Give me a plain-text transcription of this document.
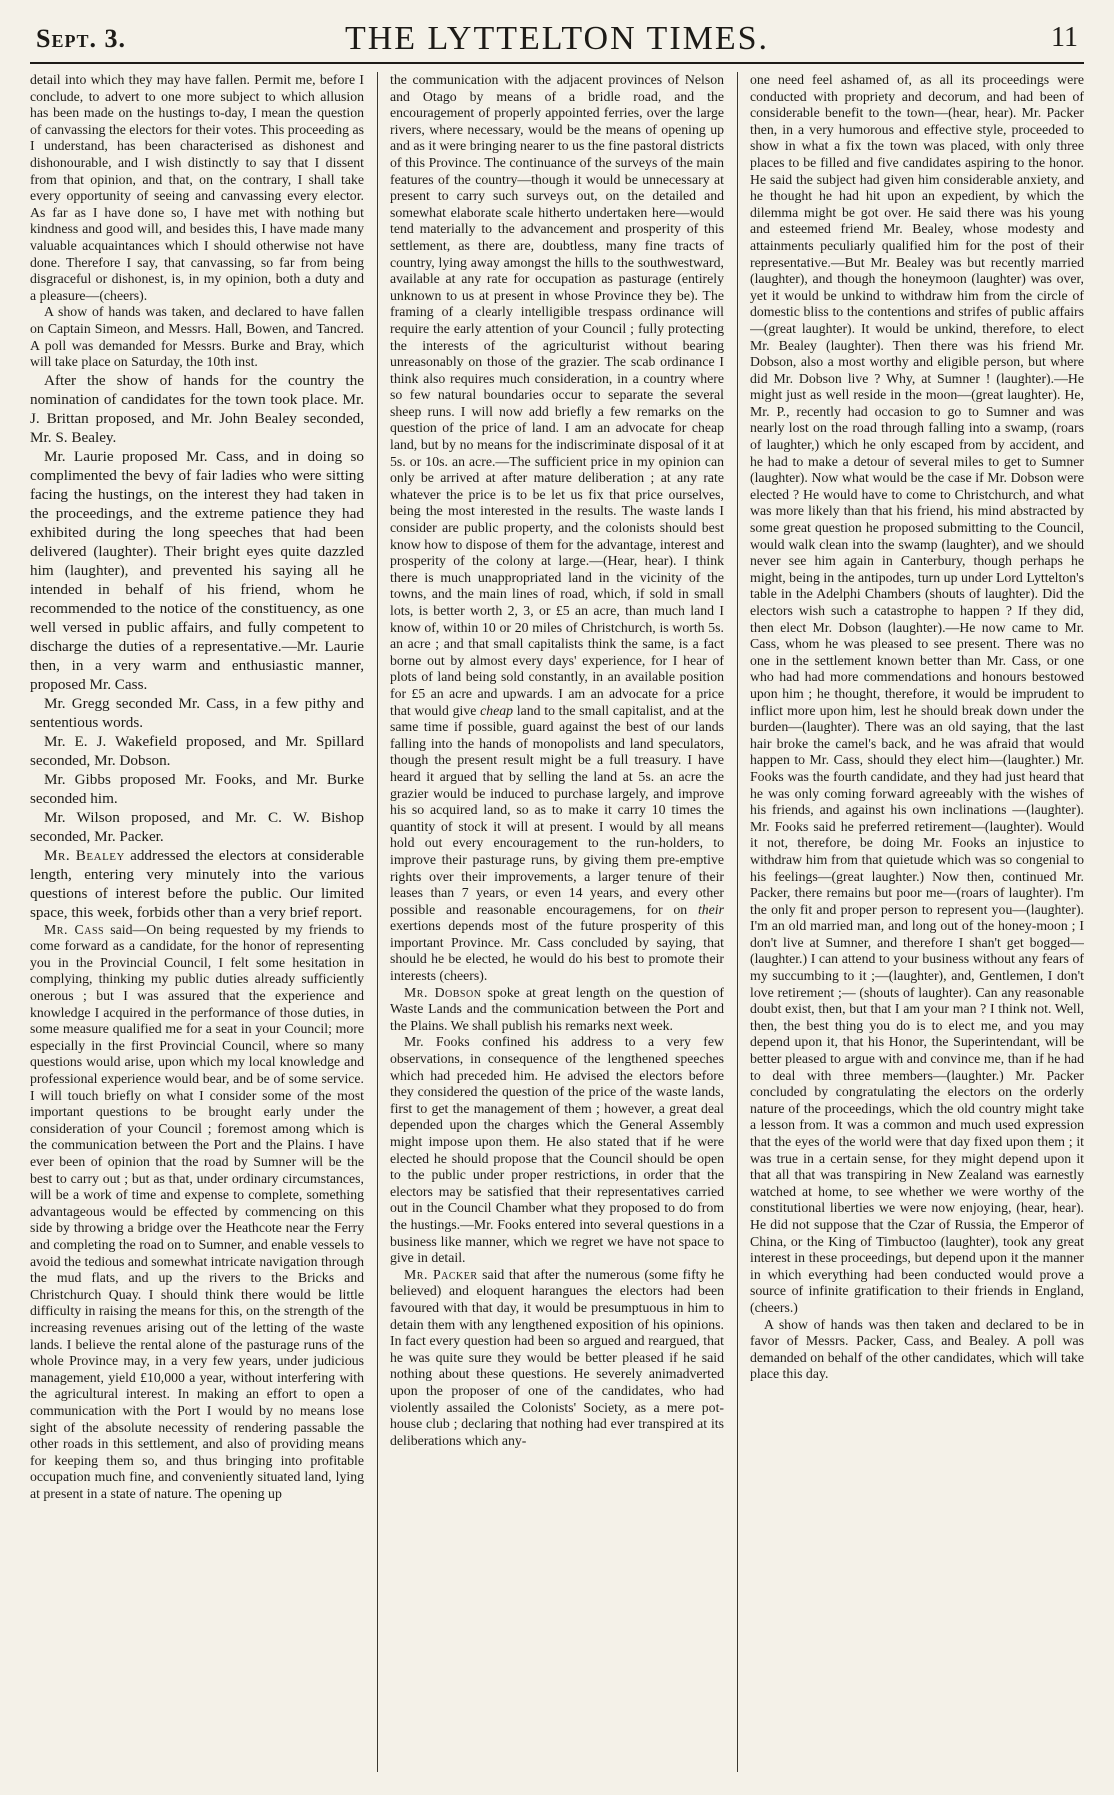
Sept. 3.	THE LYTTELTON TIMES.	11

detail into which they may have fallen. Permit me, before I conclude, to advert to one more subject to which allusion has been made on the hustings to-day, I mean the question of canvassing the electors for their votes. This proceeding as I understand, has been characterised as dishonest and dishonourable, and I wish distinctly to say that I dissent from that opinion, and that, on the contrary, I shall take every opportunity of seeing and canvassing every elector. As far as I have done so, I have met with nothing but kindness and good will, and besides this, I have made many valuable acquaintances which I should otherwise not have done. Therefore I say, that canvassing, so far from being disgraceful or dishonest, is, in my opinion, both a duty and a pleasure—(cheers).

A show of hands was taken, and declared to have fallen on Captain Simeon, and Messrs. Hall, Bowen, and Tancred. A poll was demanded for Messrs. Burke and Bray, which will take place on Saturday, the 10th inst.

After the show of hands for the country the nomination of candidates for the town took place. Mr. J. Brittan proposed, and Mr. John Bealey seconded, Mr. S. Bealey.

Mr. Laurie proposed Mr. Cass, and in doing so complimented the bevy of fair ladies who were sitting facing the hustings, on the interest they had taken in the proceedings, and the extreme patience they had exhibited during the long speeches that had been delivered (laughter). Their bright eyes quite dazzled him (laughter), and prevented his saying all he intended in behalf of his friend, whom he recommended to the notice of the constituency, as one well versed in public affairs, and fully competent to discharge the duties of a representative.—Mr. Laurie then, in a very warm and enthusiastic manner, proposed Mr. Cass.

Mr. Gregg seconded Mr. Cass, in a few pithy and sententious words.

Mr. E. J. Wakefield proposed, and Mr. Spillard seconded, Mr. Dobson.

Mr. Gibbs proposed Mr. Fooks, and Mr. Burke seconded him.

Mr. Wilson proposed, and Mr. C. W. Bishop seconded, Mr. Packer.

Mr. Bealey addressed the electors at considerable length, entering very minutely into the various questions of interest before the public. Our limited space, this week, forbids other than a very brief report.

Mr. Cass said—On being requested by my friends to come forward as a candidate, for the honor of representing you in the Provincial Council, I felt some hesitation in complying, thinking my public duties already sufficiently onerous ; but I was assured that the experience and knowledge I acquired in the performance of those duties, in some measure qualified me for a seat in your Council; more especially in the first Provincial Council, where so many questions would arise, upon which my local knowledge and professional experience would bear, and be of some service. I will touch briefly on what I consider some of the most important questions to be brought early under the consideration of your Council ; foremost among which is the communication between the Port and the Plains. I have ever been of opinion that the road by Sumner will be the best to carry out ; but as that, under ordinary circumstances, will be a work of time and expense to complete, something advantageous would be effected by commencing on this side by throwing a bridge over the Heathcote near the Ferry and completing the road on to Sumner, and enable vessels to avoid the tedious and somewhat intricate navigation through the mud flats, and up the rivers to the Bricks and Christchurch Quay. I should think there would be little difficulty in raising the means for this, on the strength of the increasing revenues arising out of the letting of the waste lands. I believe the rental alone of the pasturage runs of the whole Province may, in a very few years, under judicious management, yield £10,000 a year, without interfering with the agricultural interest. In making an effort to open a communication with the Port I would by no means lose sight of the absolute necessity of rendering passable the other roads in this settlement, and also of providing means for keeping them so, and thus bringing into profitable occupation much fine, and conveniently situated land, lying at present in a state of nature. The opening up

the communication with the adjacent provinces of Nelson and Otago by means of a bridle road, and the encouragement of properly appointed ferries, over the large rivers, where necessary, would be the means of opening up and as it were bringing nearer to us the fine pastoral districts of this Province. The continuance of the surveys of the main features of the country—though it would be unnecessary at present to carry such surveys out, on the detailed and somewhat elaborate scale hitherto undertaken here—would tend materially to the advancement and prosperity of this settlement, as there are, doubtless, many fine tracts of country, lying away amongst the hills to the southwestward, available at any rate for occupation as pasturage (entirely unknown to us at present in whose Province they be). The framing of a clearly intelligible trespass ordinance will require the early attention of your Council ; fully protecting the interests of the agriculturist without bearing unreasonably on those of the grazier. The scab ordinance I think also requires much consideration, in a country where so few natural boundaries occur to separate the several sheep runs. I will now add briefly a few remarks on the question of the price of land. I am an advocate for cheap land, but by no means for the indiscriminate disposal of it at 5s. or 10s. an acre.—The sufficient price in my opinion can only be arrived at after mature deliberation ; at any rate whatever the price is to be let us fix that price ourselves, being the most interested in the results. The waste lands I consider are public property, and the colonists should best know how to dispose of them for the advantage, interest and prosperity of the colony at large.—(Hear, hear). I think there is much unappropriated land in the vicinity of the towns, and the main lines of road, which, if sold in small lots, is better worth 2, 3, or £5 an acre, than much land I know of, within 10 or 20 miles of Christchurch, is worth 5s. an acre ; and that small capitalists think the same, is a fact borne out by almost every days' experience, for I hear of plots of land being sold constantly, in an available position for £5 an acre and upwards. I am an advocate for a price that would give cheap land to the small capitalist, and at the same time if possible, guard against the best of our lands falling into the hands of monopolists and land speculators, though the present result might be a full treasury. I have heard it argued that by selling the land at 5s. an acre the grazier would be induced to purchase largely, and improve his so acquired land, so as to make it carry 10 times the quantity of stock it will at present. I would by all means hold out every encouragement to the run-holders, to improve their pasturage runs, by giving them pre-emptive rights over their improvements, a larger tenure of their leases than 7 years, or even 14 years, and every other possible and reasonable encouragemens, for on their exertions depends most of the future prosperity of this important Province. Mr. Cass concluded by saying, that should he be elected, he would do his best to promote their interests (cheers).

Mr. Dobson spoke at great length on the question of Waste Lands and the communication between the Port and the Plains. We shall publish his remarks next week.

Mr. Fooks confined his address to a very few observations, in consequence of the lengthened speeches which had preceded him. He advised the electors before they considered the question of the price of the waste lands, first to get the management of them ; however, a great deal depended upon the charges which the General Assembly might impose upon them. He also stated that if he were elected he should propose that the Council should be open to the public under proper restrictions, in order that the electors may be satisfied that their representatives carried out in the Council Chamber what they proposed to do from the hustings.—Mr. Fooks entered into several questions in a business like manner, which we regret we have not space to give in detail.

Mr. Packer said that after the numerous (some fifty he believed) and eloquent harangues the electors had been favoured with that day, it would be presumptuous in him to detain them with any lengthened exposition of his opinions. In fact every question had been so argued and reargued, that he was quite sure they would be better pleased if he said nothing about these questions. He severely animadverted upon the proposer of one of the candidates, who had violently assailed the Colonists' Society, as a mere pot-house club ; declaring that nothing had ever transpired at its deliberations which any-

one need feel ashamed of, as all its proceedings were conducted with propriety and decorum, and had been of considerable benefit to the town—(hear, hear). Mr. Packer then, in a very humorous and effective style, proceeded to show in what a fix the town was placed, with only three places to be filled and five candidates aspiring to the honor. He said the subject had given him considerable anxiety, and he thought he had hit upon an expedient, by which the dilemma might be got over. He said there was his young and esteemed friend Mr. Bealey, whose modesty and attainments peculiarly qualified him for the post of their representative.—But Mr. Bealey was but recently married (laughter), and though the honeymoon (laughter) was over, yet it would be unkind to withdraw him from the circle of domestic bliss to the contentions and strifes of public affairs—(great laughter). It would be unkind, therefore, to elect Mr. Bealey (laughter). Then there was his friend Mr. Dobson, also a most worthy and eligible person, but where did Mr. Dobson live ? Why, at Sumner ! (laughter).—He might just as well reside in the moon—(great laughter). He, Mr. P., recently had occasion to go to Sumner and was nearly lost on the road through falling into a swamp, (roars of laughter,) which he only escaped from by accident, and he had to make a detour of several miles to get to Sumner (laughter). Now what would be the case if Mr. Dobson were elected ? He would have to come to Christchurch, and what was more likely than that his friend, his mind abstracted by some great question he proposed submitting to the Council, would walk clean into the swamp (laughter), and we should never see him again in Canterbury, though perhaps he might, being in the antipodes, turn up under Lord Lyttelton's table in the Adelphi Chambers (shouts of laughter). Did the electors wish such a catastrophe to happen ? If they did, then elect Mr. Dobson (laughter).—He now came to Mr. Cass, whom he was pleased to see present. There was no one in the settlement known better than Mr. Cass, or one who had had more commendations and honours bestowed upon him ; he thought, therefore, it would be imprudent to inflict more upon him, lest he should break down under the burden—(laughter). There was an old saying, that the last hair broke the camel's back, and he was afraid that would happen to Mr. Cass, should they elect him—(laughter.) Mr. Fooks was the fourth candidate, and they had just heard that he was only coming forward agreeably with the wishes of his friends, and against his own inclinations —(laughter). Mr. Fooks said he preferred retirement—(laughter). Would it not, therefore, be doing Mr. Fooks an injustice to withdraw him from that quietude which was so congenial to his feelings—(great laughter.) Now then, continued Mr. Packer, there remains but poor me—(roars of laughter). I'm the only fit and proper person to represent you—(laughter). I'm an old married man, and long out of the honey-moon ; I don't live at Sumner, and therefore I shan't get bogged—(laughter.) I can attend to your business without any fears of my succumbing to it ;—(laughter), and, Gentlemen, I don't love retirement ;— (shouts of laughter). Can any reasonable doubt exist, then, but that I am your man ? I think not. Well, then, the best thing you do is to elect me, and you may depend upon it, that his Honor, the Superintendant, will be better pleased to argue with and convince me, than if he had to deal with three members—(laughter.) Mr. Packer concluded by congratulating the electors on the orderly nature of the proceedings, which the old country might take a lesson from. It was a common and much used expression that the eyes of the world were that day fixed upon them ; it was true in a certain sense, for they might depend upon it that all that was transpiring in New Zealand was earnestly watched at home, to see whether we were worthy of the constitutional liberties we were now enjoying, (hear, hear). He did not suppose that the Czar of Russia, the Emperor of China, or the King of Timbuctoo (laughter), took any great interest in these proceedings, but depend upon it the manner in which everything had been conducted would prove a source of infinite gratification to their friends in England, (cheers.)

A show of hands was then taken and declared to be in favor of Messrs. Packer, Cass, and Bealey. A poll was demanded on behalf of the other candidates, which will take place this day.
